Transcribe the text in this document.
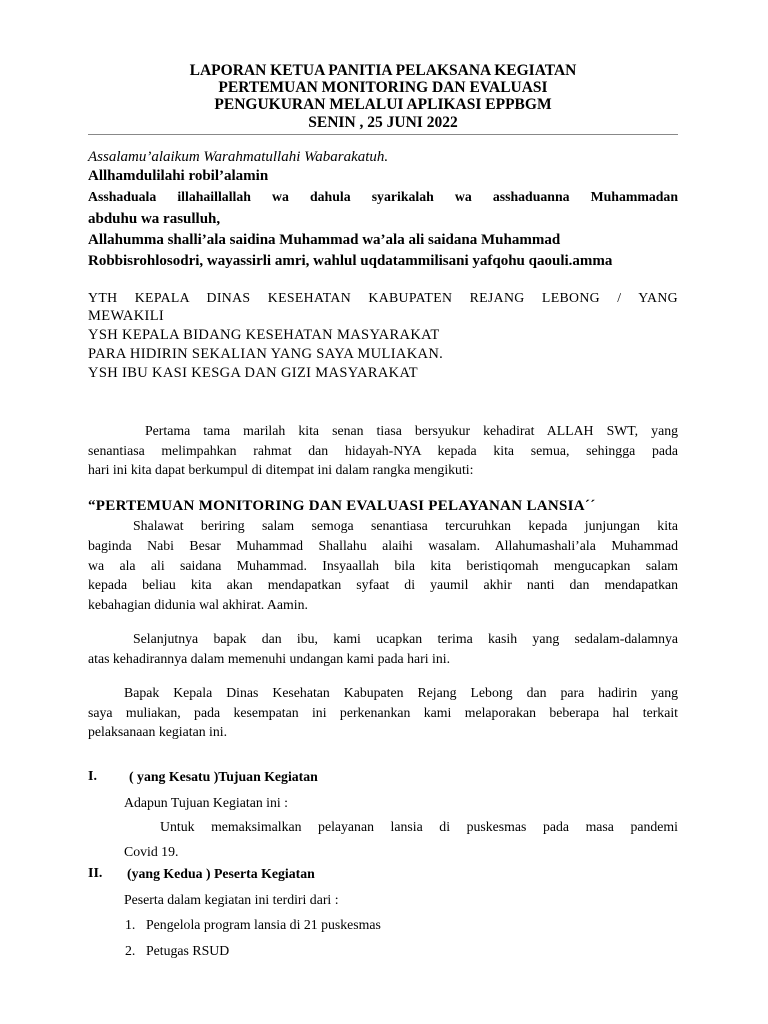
LAPORAN KETUA PANITIA PELAKSANA KEGIATAN
PERTEMUAN MONITORING DAN EVALUASI
PENGUKURAN MELALUI APLIKASI EPPBGM
SENIN , 25 JUNI 2022
Assalamu’alaikum Warahmatullahi Wabarakatuh.
Allhamdulilahi robil’alamin
Asshaduala illahaillallah wa dahula syarikalah wa asshaduanna Muhammadan
abduhu wa rasulluh,
Allahumma shalli’ala saidina Muhammad wa’ala ali saidana Muhammad
Robbisrohlosodri, wayassirli amri, wahlul uqdatammilisani yafqohu qaouli.amma
YTH KEPALA DINAS KESEHATAN KABUPATEN REJANG LEBONG / YANG
MEWAKILI
YSH KEPALA BIDANG KESEHATAN MASYARAKAT
PARA HIDIRIN SEKALIAN YANG SAYA MULIAKAN.
YSH IBU KASI KESGA DAN GIZI MASYARAKAT
Pertama tama marilah kita senan tiasa bersyukur kehadirat ALLAH SWT, yang
senantiasa melimpahkan rahmat dan hidayah-NYA kepada kita semua, sehingga pada
hari ini kita dapat berkumpul di ditempat ini dalam rangka mengikuti:
“PERTEMUAN MONITORING DAN EVALUASI PELAYANAN LANSIA´´
Shalawat beriring salam semoga senantiasa tercuruhkan kepada junjungan kita
baginda Nabi Besar Muhammad Shallahu alaihi wasalam. Allahumashali’ala Muhammad
wa ala ali saidana Muhammad. Insyaallah bila kita beristiqomah mengucapkan salam
kepada beliau kita akan mendapatkan syfaat di yaumil akhir nanti dan mendapatkan
kebahagian didunia wal akhirat. Aamin.
Selanjutnya bapak dan ibu, kami ucapkan terima kasih yang sedalam-dalamnya
atas kehadirannya dalam memenuhi undangan kami pada hari ini.
Bapak Kepala Dinas Kesehatan Kabupaten Rejang Lebong dan para hadirin yang
saya muliakan, pada kesempatan ini perkenankan kami melaporakan beberapa hal terkait
pelaksanaan kegiatan ini.
I. ( yang Kesatu )Tujuan Kegiatan
Adapun Tujuan Kegiatan ini :
Untuk memaksimalkan pelayanan lansia di puskesmas pada masa pandemi
Covid 19.
II. (yang Kedua ) Peserta Kegiatan
Peserta dalam kegiatan ini terdiri dari :
1. Pengelola program lansia di 21 puskesmas
2. Petugas RSUD
